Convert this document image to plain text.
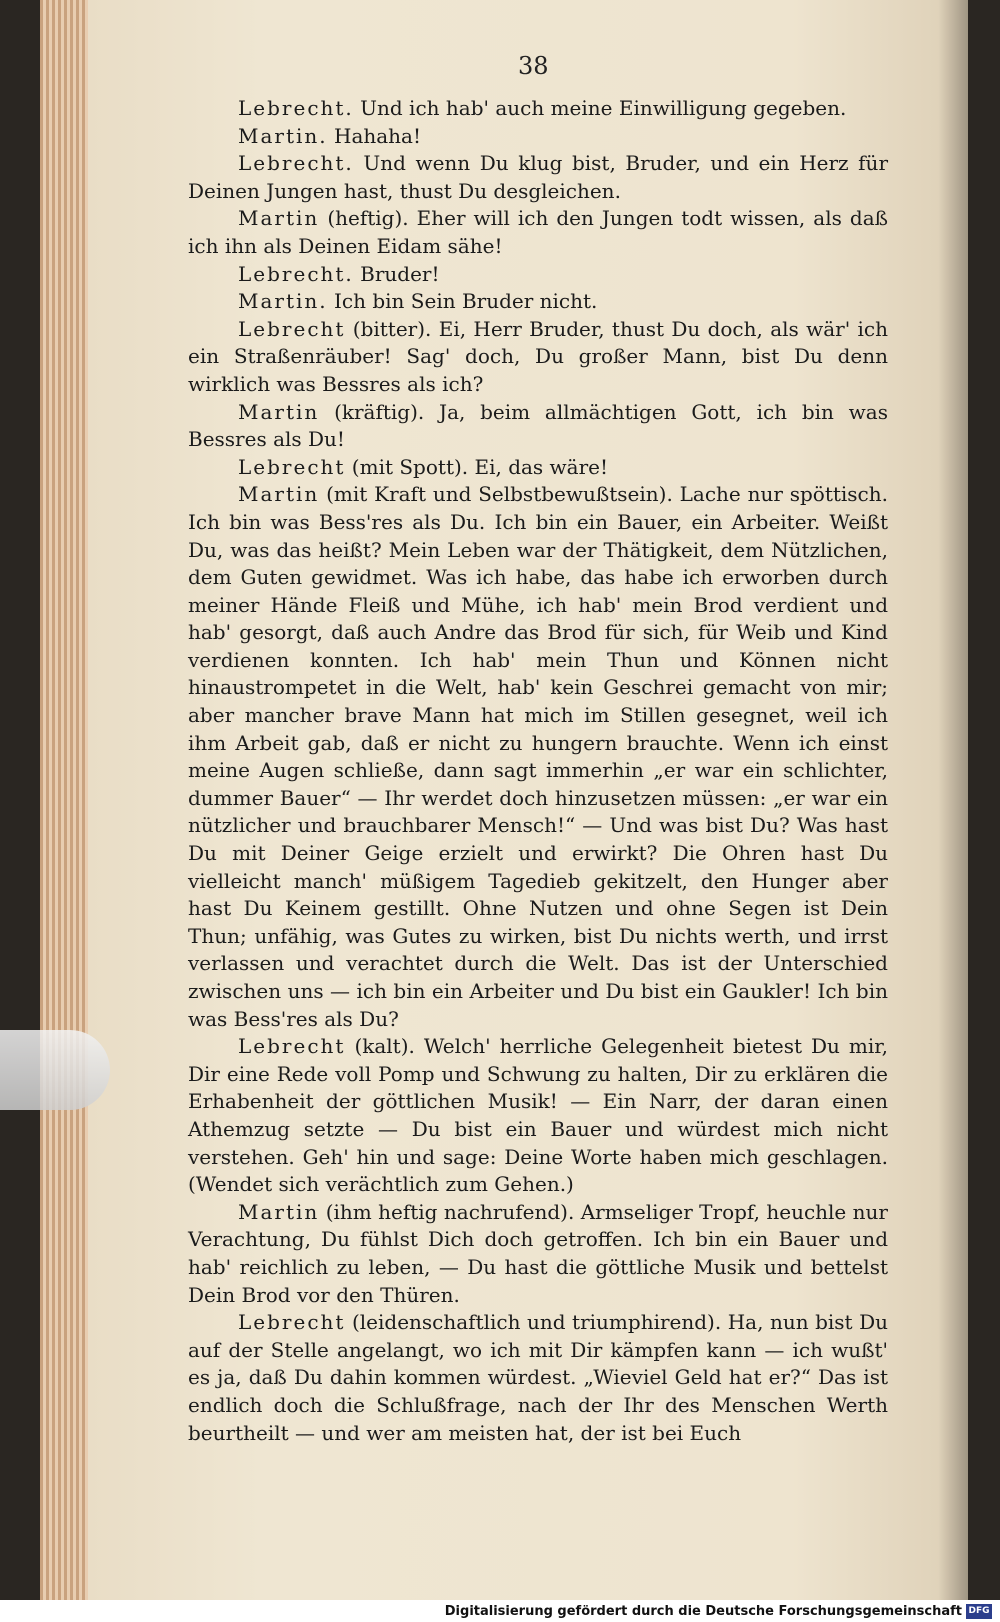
38

Lebrecht. Und ich hab' auch meine Einwilligung gegeben.

Martin. Hahaha!

Lebrecht. Und wenn Du klug bist, Bruder, und ein Herz für Deinen Jungen hast, thust Du desgleichen.

Martin (heftig). Eher will ich den Jungen todt wissen, als daß ich ihn als Deinen Eidam sähe!

Lebrecht. Bruder!

Martin. Ich bin Sein Bruder nicht.

Lebrecht (bitter). Ei, Herr Bruder, thust Du doch, als wär' ich ein Straßenräuber! Sag' doch, Du großer Mann, bist Du denn wirklich was Bessres als ich?

Martin (kräftig). Ja, beim allmächtigen Gott, ich bin was Bessres als Du!

Lebrecht (mit Spott). Ei, das wäre!

Martin (mit Kraft und Selbstbewußtsein). Lache nur spöttisch. Ich bin was Bess'res als Du. Ich bin ein Bauer, ein Arbeiter. Weißt Du, was das heißt? Mein Leben war der Thätigkeit, dem Nützlichen, dem Guten gewidmet. Was ich habe, das habe ich erworben durch meiner Hände Fleiß und Mühe, ich hab' mein Brod verdient und hab' gesorgt, daß auch Andre das Brod für sich, für Weib und Kind verdienen konnten. Ich hab' mein Thun und Können nicht hinaustrompetet in die Welt, hab' kein Geschrei gemacht von mir; aber mancher brave Mann hat mich im Stillen gesegnet, weil ich ihm Arbeit gab, daß er nicht zu hungern brauchte. Wenn ich einst meine Augen schließe, dann sagt immerhin „er war ein schlichter, dummer Bauer“ — Ihr werdet doch hinzusetzen müssen: „er war ein nützlicher und brauchbarer Mensch!“ — Und was bist Du? Was hast Du mit Deiner Geige erzielt und erwirkt? Die Ohren hast Du vielleicht manch' müßigem Tagedieb gekitzelt, den Hunger aber hast Du Keinem gestillt. Ohne Nutzen und ohne Segen ist Dein Thun; unfähig, was Gutes zu wirken, bist Du nichts werth, und irrst verlassen und verachtet durch die Welt. Das ist der Unterschied zwischen uns — ich bin ein Arbeiter und Du bist ein Gaukler! Ich bin was Bess'res als Du?

Lebrecht (kalt). Welch' herrliche Gelegenheit bietest Du mir, Dir eine Rede voll Pomp und Schwung zu halten, Dir zu erklären die Erhabenheit der göttlichen Musik! — Ein Narr, der daran einen Athemzug setzte — Du bist ein Bauer und würdest mich nicht verstehen. Geh' hin und sage: Deine Worte haben mich geschlagen. (Wendet sich verächtlich zum Gehen.)

Martin (ihm heftig nachrufend). Armseliger Tropf, heuchle nur Verachtung, Du fühlst Dich doch getroffen. Ich bin ein Bauer und hab' reichlich zu leben, — Du hast die göttliche Musik und bettelst Dein Brod vor den Thüren.

Lebrecht (leidenschaftlich und triumphirend). Ha, nun bist Du auf der Stelle angelangt, wo ich mit Dir kämpfen kann — ich wußt' es ja, daß Du dahin kommen würdest. „Wieviel Geld hat er?“ Das ist endlich doch die Schlußfrage, nach der Ihr des Menschen Werth beurtheilt — und wer am meisten hat, der ist bei Euch

Digitalisierung gefördert durch die Deutsche Forschungsgemeinschaft DFG
